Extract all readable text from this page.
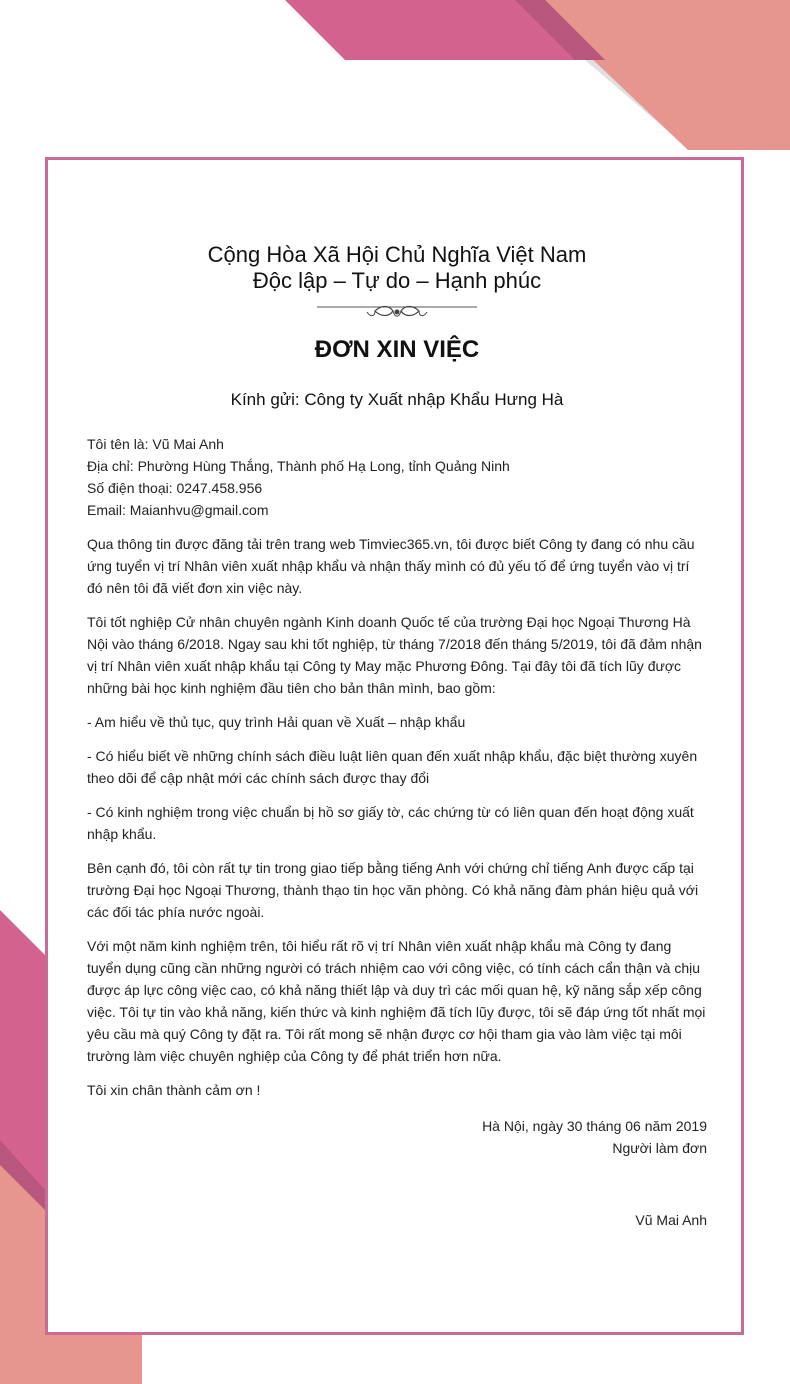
Cộng Hòa Xã Hội Chủ Nghĩa Việt Nam

Độc lập – Tự do – Hạnh phúc

ĐƠN XIN VIỆC

Kính gửi: Công ty Xuất nhập Khẩu Hưng Hà

Tôi tên là: Vũ Mai Anh
Địa chỉ: Phường Hùng Thắng, Thành phố Hạ Long, tỉnh Quảng Ninh
Số điện thoại: 0247.458.956
Email: Maianhvu@gmail.com

Qua thông tin được đăng tải trên trang web Timviec365.vn, tôi được biết Công ty đang có nhu cầu ứng tuyển vị trí Nhân viên xuất nhập khẩu và nhận thấy mình có đủ yếu tố để ứng tuyển vào vị trí đó nên tôi đã viết đơn xin việc này.

Tôi tốt nghiệp Cử nhân chuyên ngành Kinh doanh Quốc tế của trường Đại học Ngoại Thương Hà Nội vào tháng 6/2018. Ngay sau khi tốt nghiệp, từ tháng 7/2018 đến tháng 5/2019, tôi đã đảm nhận vị trí Nhân viên xuất nhập khẩu tại Công ty May mặc Phương Đông. Tại đây tôi đã tích lũy được những bài học kinh nghiệm đầu tiên cho bản thân mình, bao gồm:

- Am hiểu về thủ tục, quy trình Hải quan về Xuất – nhập khẩu

- Có hiểu biết về những chính sách điều luật liên quan đến xuất nhập khẩu, đặc biệt thường xuyên theo dõi để cập nhật mới các chính sách được thay đổi

- Có kinh nghiệm trong việc chuẩn bị hồ sơ giấy tờ, các chứng từ có liên quan đến hoạt động xuất nhập khẩu.

Bên cạnh đó, tôi còn rất tự tin trong giao tiếp bằng tiếng Anh với chứng chỉ tiếng Anh được cấp tại trường Đại học Ngoại Thương, thành thạo tin học văn phòng. Có khả năng đàm phán hiệu quả với các đối tác phía nước ngoài.

Với một năm kinh nghiệm trên, tôi hiểu rất rõ vị trí Nhân viên xuất nhập khẩu mà Công ty đang tuyển dụng cũng cần những người có trách nhiệm cao với công việc, có tính cách cẩn thận và chịu được áp lực công việc cao, có khả năng thiết lập và duy trì các mối quan hệ, kỹ năng sắp xếp công việc. Tôi tự tin vào khả năng, kiến thức và kinh nghiệm đã tích lũy được, tôi sẽ đáp ứng tốt nhất mọi yêu cầu mà quý Công ty đặt ra. Tôi rất mong sẽ nhận được cơ hội tham gia vào làm việc tại môi trường làm việc chuyên nghiệp của Công ty để phát triển hơn nữa.

Tôi xin chân thành cảm ơn !

Hà Nội, ngày 30 tháng 06 năm 2019

Người làm đơn

Vũ Mai Anh
